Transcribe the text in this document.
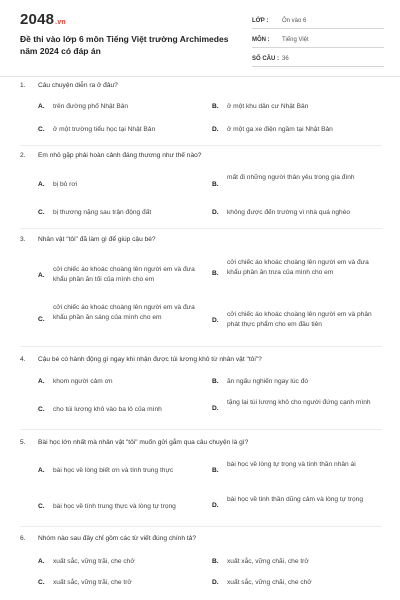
2048.vn
Đề thi vào lớp 6 môn Tiếng Việt trường Archimedes năm 2024 có đáp án
LỚP :	Ôn vào 6
MÔN :	Tiếng Việt
SỐ CÂU : 36
1. Câu chuyện diễn ra ở đâu?
A. trên đường phố Nhật Bản	B. ở một khu dân cư Nhật Bản
C. ở một trường tiểu học tại Nhật Bản	D. ở một ga xe điện ngầm tại Nhật Bản
2. Em nhỏ gặp phải hoàn cảnh đáng thương như thế nào?
A. bị bỏ rơi	B.
mất đi những người thân yêu trong gia đình
C. bị thương nặng sau trận động đất	D. không được đến trường vì nhà quá nghèo
3. Nhân vật "tôi" đã làm gì để giúp cậu bé?
A.
cởi chiếc áo khoác choàng lên người em và đưa khẩu phần ăn tối của mình cho em
B.
cởi chiếc áo khoác choàng lên người em và đưa khẩu phần ăn trưa của mình cho em
C.
cởi chiếc áo khoác choàng lên người em và đưa khẩu phần ăn sáng của mình cho em	D.
cởi chiếc áo khoác choàng lên người em và phân phát thực phẩm cho em đầu tiên
4. Cậu bé có hành động gì ngay khi nhận được túi lương khô từ nhân vật "tôi"?
A. khom người cảm ơn	B. ăn ngấu nghiến ngay lúc đó
C. cho túi lương khô vào ba lô của mình	D.
tặng lại túi lương khô cho người đứng cạnh mình
5. Bài học lớn nhất mà nhân vật "tôi" muốn gửi gắm qua câu chuyện là gì?
A. bài học về lòng biết ơn và tính trung thực	B.
bài học về lòng tự trọng và tinh thần nhân ái
C. bài học về tính trung thực và lòng tự trọng	D.
bài học về tinh thần dũng cảm và lòng tự trọng
6. Nhóm nào sau đây chỉ gồm các từ viết đúng chính tả?
A. xuất sắc, vững trãi, che chở	B. xuất xắc, vững chãi, che trở
C. xuất sắc, vững trãi, che trở	D. xuất sắc, vững chãi, che chở
